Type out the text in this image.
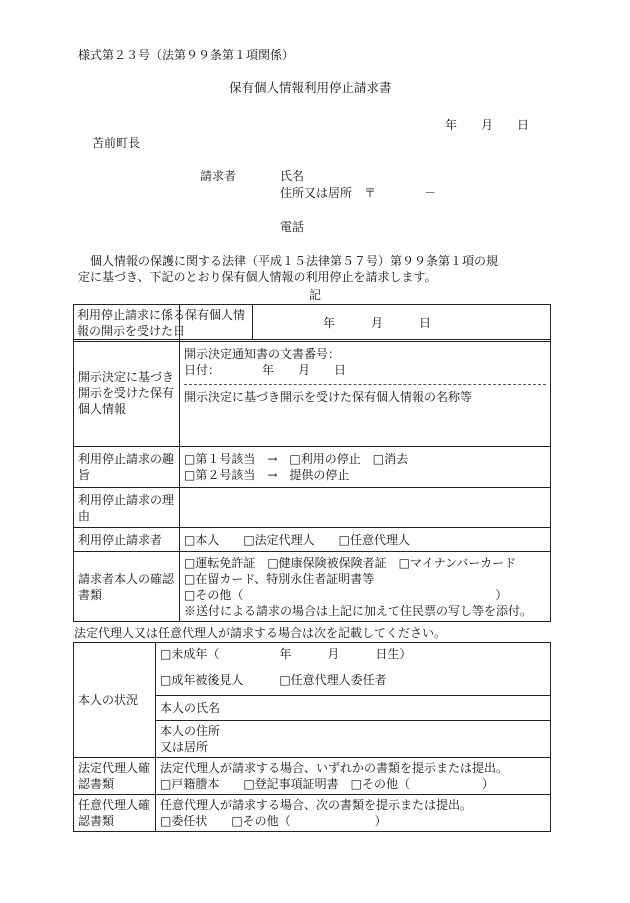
様式第２３号（法第９９条第１項関係）
保有個人情報利用停止請求書
年　　月　　日
苫前町長
請求者	氏名
住所又は居所　〒　　　　－
電話
　個人情報の保護に関する法律（平成１５法律第５７号）第９９条第１項の規
定に基づき、下記のとおり保有個人情報の利用停止を請求します。
記
利用停止請求に係る保有個人情報の開示を受けた日
	年　　　月　　　日
開示決定に基づき開示を受けた保有個人情報	開示決定通知書の文書番号：
日付：　　　　年　　月　　日
開示決定に基づき開示を受けた保有個人情報の名称等

利用停止請求の趣旨	□第１号該当　→　□利用の停止　□消去
□第２号該当　→　提供の停止

利用停止請求の理由	
利用停止請求者	□本人　　□法定代理人　　□任意代理人
請求者本人の確認書類	□運転免許証　□健康保険被保険者証　□マイナンバーカード
□在留カード、特別永住者証明書等
□その他（　　　　　　　　　　　　　　　　　　　　　）
※送付による請求の場合は上記に加えて住民票の写し等を添付。
法定代理人又は任意代理人が請求する場合は次を記載してください。
本人の状況	□未成年（　　　　　年　　　月　　　日生）
	□成年被後見人　　　□任意代理人委任者
	本人の氏名

	本人の住所
又は居所

法定代理人確認書類	法定代理人が請求する場合、いずれかの書類を提示または提出。
□戸籍謄本　　□登記事項証明書　□その他（　　　　　　）

任意代理人確認書類	任意代理人が請求する場合、次の書類を提示または提出。
□委任状　　□その他（　　　　　　　）
